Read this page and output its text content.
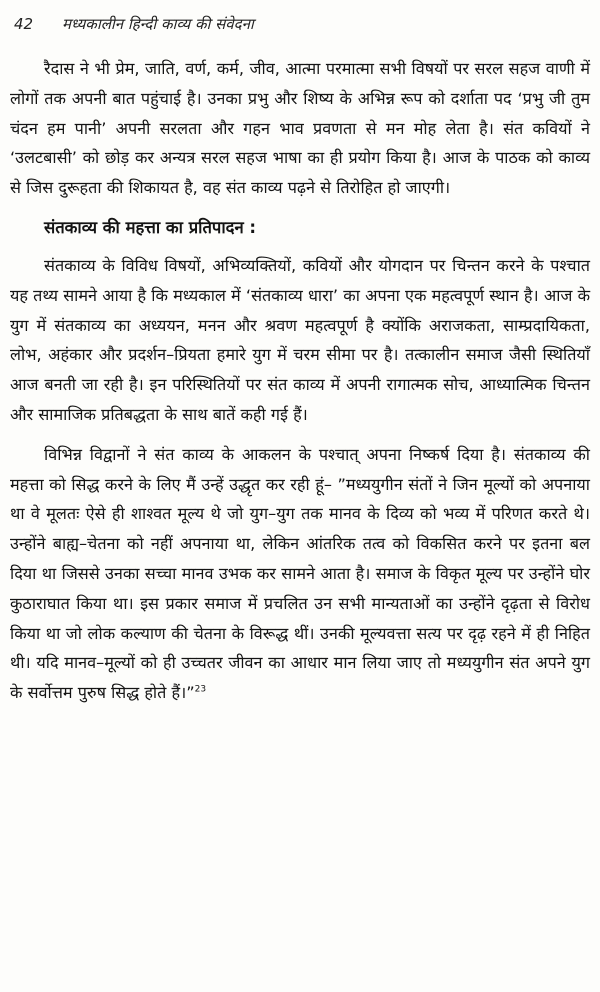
42	मध्यकालीन हिन्दी काव्य की संवेदना

रैदास ने भी प्रेम, जाति, वर्ण, कर्म, जीव, आत्मा परमात्मा सभी विषयों पर सरल सहज वाणी में लोगों तक अपनी बात पहुंचाई है। उनका प्रभु और शिष्य के अभिन्न रूप को दर्शाता पद ‘प्रभु जी तुम चंदन हम पानी’ अपनी सरलता और गहन भाव प्रवणता से मन मोह लेता है। संत कवियों ने ‘उलटबासी’ को छोड़ कर अन्यत्र सरल सहज भाषा का ही प्रयोग किया है। आज के पाठक को काव्य से जिस दुरूहता की शिकायत है, वह संत काव्य पढ़ने से तिरोहित हो जाएगी।

संतकाव्य की महत्ता का प्रतिपादन :

संतकाव्य के विविध विषयों, अभिव्यक्तियों, कवियों और योगदान पर चिन्तन करने के पश्चात यह तथ्य सामने आया है कि मध्यकाल में ‘संतकाव्य धारा’ का अपना एक महत्वपूर्ण स्थान है। आज के युग में संतकाव्य का अध्ययन, मनन और श्रवण महत्वपूर्ण है क्योंकि अराजकता, साम्प्रदायिकता, लोभ, अहंकार और प्रदर्शन–प्रियता हमारे युग में चरम सीमा पर है। तत्कालीन समाज जैसी स्थितियाँ आज बनती जा रही है। इन परिस्थितियों पर संत काव्य में अपनी रागात्मक सोच, आध्यात्मिक चिन्तन और सामाजिक प्रतिबद्धता के साथ बातें कही गई हैं।

विभिन्न विद्वानों ने संत काव्य के आकलन के पश्चात् अपना निष्कर्ष दिया है। संतकाव्य की महत्ता को सिद्ध करने के लिए मैं उन्हें उद्धृत कर रही हूं– ”मध्ययुगीन संतों ने जिन मूल्यों को अपनाया था वे मूलतः ऐसे ही शाश्वत मूल्य थे जो युग–युग तक मानव के दिव्य को भव्य में परिणत करते थे। उन्होंने बाह्य–चेतना को नहीं अपनाया था, लेकिन आंतरिक तत्व को विकसित करने पर इतना बल दिया था जिससे उनका सच्चा मानव उभक कर सामने आता है। समाज के विकृत मूल्य पर उन्होंने घोर कुठाराघात किया था। इस प्रकार समाज में प्रचलित उन सभी मान्यताओं का उन्होंने दृढ़ता से विरोध किया था जो लोक कल्याण की चेतना के विरूद्ध थीं। उनकी मूल्यवत्ता सत्य पर दृढ़ रहने में ही निहित थी। यदि मानव–मूल्यों को ही उच्चतर जीवन का आधार मान लिया जाए तो मध्ययुगीन संत अपने युग के सर्वोत्तम पुरुष सिद्ध होते हैं।”$^{23}$
